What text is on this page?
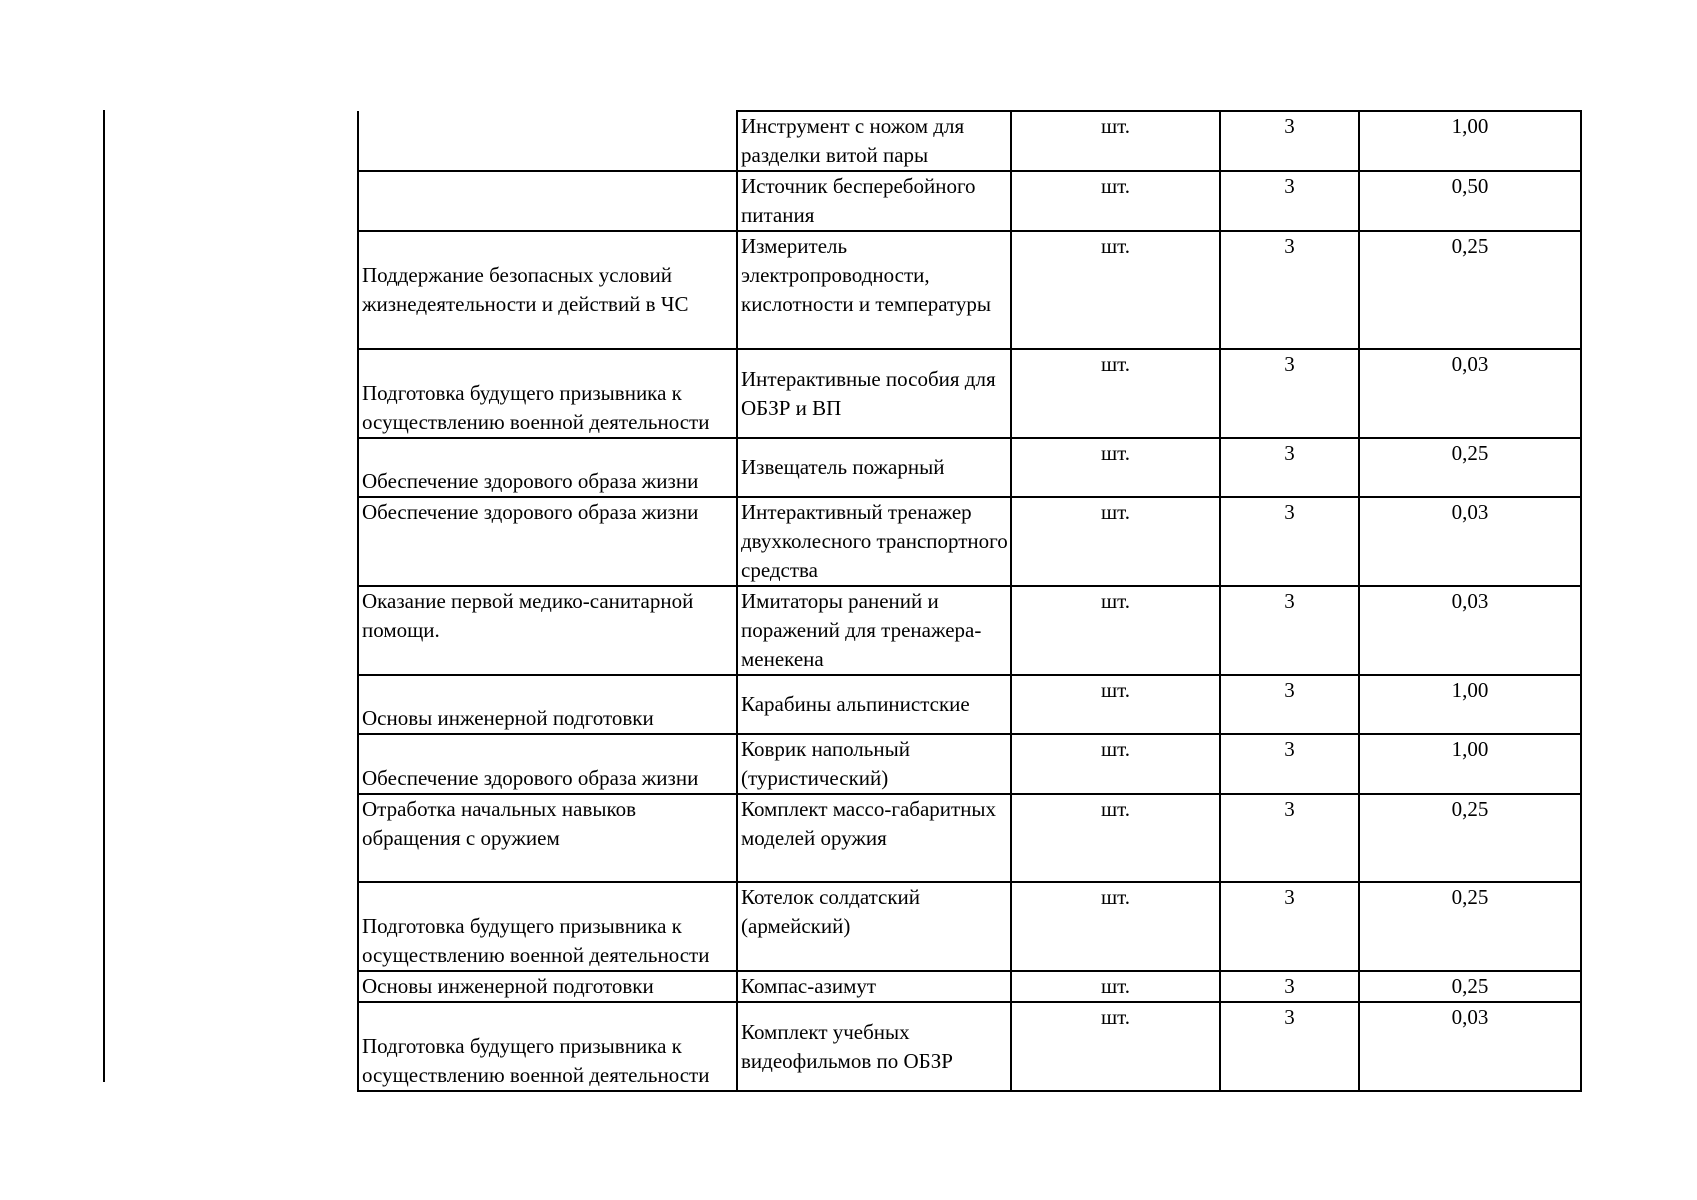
	Инструмент с ножом для разделки витой пары	шт.	3	1,00
	Источник бесперебойного питания	шт.	3	0,50
Поддержание безопасных условий жизнедеятельности и действий в ЧС	Измеритель электропроводности, кислотности и температуры	шт.	3	0,25
Подготовка будущего призывника к осуществлению военной деятельности	Интерактивные пособия для ОБЗР и ВП	шт.	3	0,03
Обеспечение здорового образа жизни	Извещатель пожарный	шт.	3	0,25
Обеспечение здорового образа жизни	Интерактивный тренажер двухколесного транспортного средства	шт.	3	0,03
Оказание первой медико-санитарной помощи.	Имитаторы ранений и поражений для тренажера-менекена	шт.	3	0,03
Основы инженерной подготовки	Карабины альпинистские	шт.	3	1,00
Обеспечение здорового образа жизни	Коврик напольный (туристический)	шт.	3	1,00
Отработка начальных навыков обращения с оружием	Комплект массо-габаритных моделей оружия	шт.	3	0,25
Подготовка будущего призывника к осуществлению военной деятельности	Котелок солдатский (армейский)	шт.	3	0,25
Основы инженерной подготовки	Компас-азимут	шт.	3	0,25
Подготовка будущего призывника к осуществлению военной деятельности	Комплект учебных видеофильмов по ОБЗР	шт.	3	0,03
